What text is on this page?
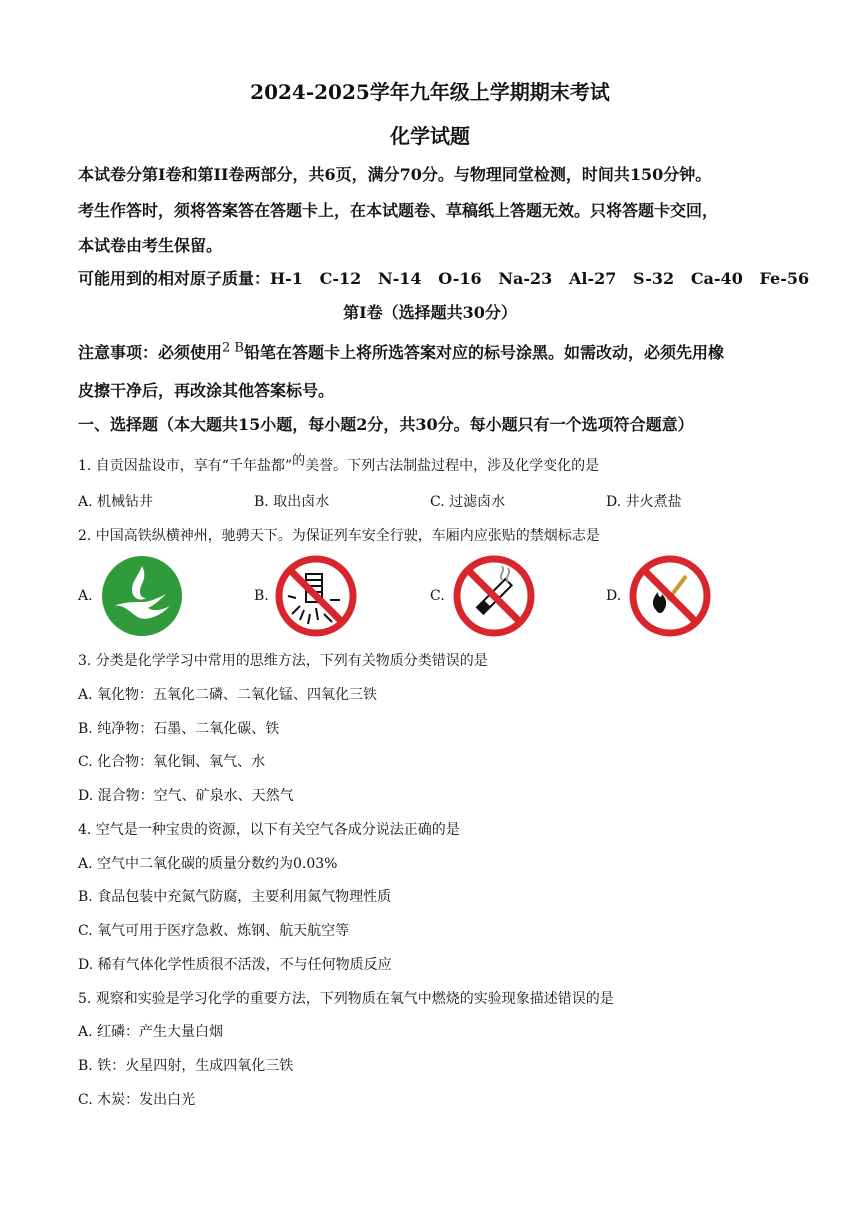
2024-2025学年九年级上学期期末考试
化学试题
本试卷分第I卷和第II卷两部分，共6页，满分70分。与物理同堂检测，时间共150分钟。
考生作答时，须将答案答在答题卡上，在本试题卷、草稿纸上答题无效。只将答题卡交回，
本试卷由考生保留。
可能用到的相对原子质量：H-1   C-12   N-14   O-16   Na-23   Al-27   S-32   Ca-40   Fe-56
第I卷（选择题共30分）
注意事项：必须使用$^{2 B}$铅笔在答题卡上将所选答案对应的标号涂黑。如需改动，必须先用橡
皮擦干净后，再改涂其他答案标号。
一、选择题（本大题共15小题，每小题2分，共30分。每小题只有一个选项符合题意）
1. 自贡因盐设市，享有“千年盐都”的美誉。下列古法制盐过程中，涉及化学变化的是
A. 机械钻井	B. 取出卤水	C. 过滤卤水	D. 井火煮盐
2. 中国高铁纵横神州，驰骋天下。为保证列车安全行驶，车厢内应张贴的禁烟标志是
A.	B.	C.	D.
3. 分类是化学学习中常用的思维方法，下列有关物质分类错误的是
A. 氧化物：五氧化二磷、二氧化锰、四氧化三铁
B. 纯净物：石墨、二氧化碳、铁
C. 化合物：氧化铜、氧气、水
D. 混合物：空气、矿泉水、天然气
4. 空气是一种宝贵的资源，以下有关空气各成分说法正确的是
A. 空气中二氧化碳的质量分数约为0.03%
B. 食品包装中充氮气防腐，主要利用氮气物理性质
C. 氧气可用于医疗急救、炼钢、航天航空等
D. 稀有气体化学性质很不活泼，不与任何物质反应
5. 观察和实验是学习化学的重要方法，下列物质在氧气中燃烧的实验现象描述错误的是
A. 红磷：产生大量白烟
B. 铁：火星四射，生成四氧化三铁
C. 木炭：发出白光
